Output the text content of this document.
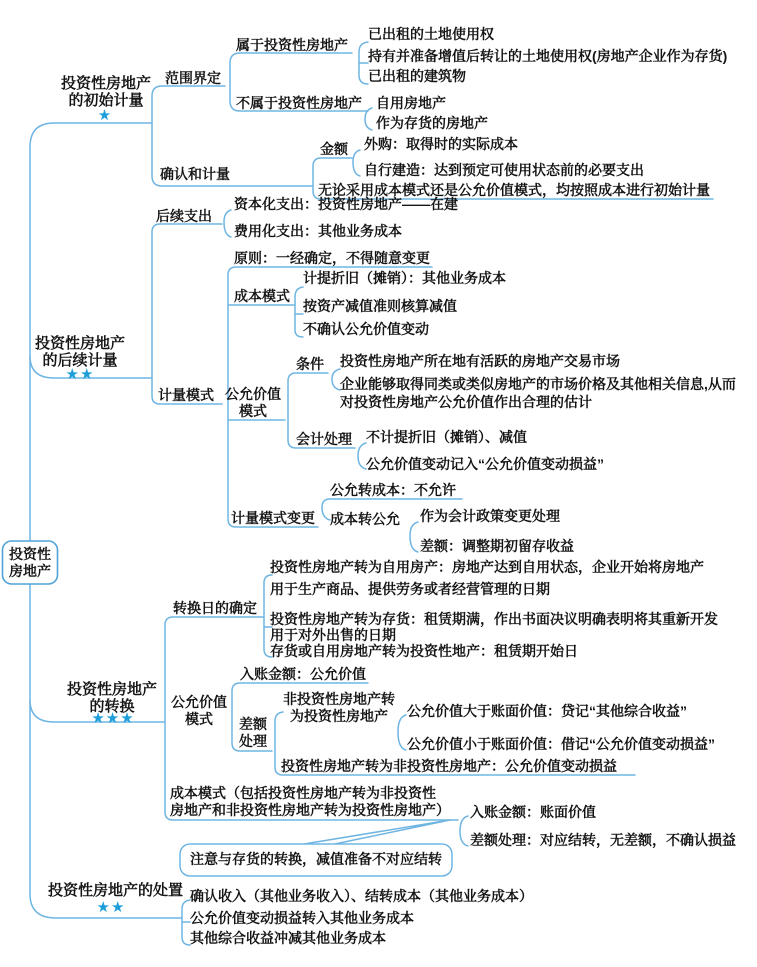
投资性
房地产
投资性房地产
的初始计量
★
范围界定
属于投资性房地产
已出租的土地使用权
持有并准备增值后转让的土地使用权(房地产企业作为存货)
已出租的建筑物
不属于投资性房地产 自用房地产
作为存货的房地产
确认和计量
金额 外购：取得时的实际成本
自行建造：达到预定可使用状态前的必要支出
无论采用成本模式还是公允价值模式，均按照成本进行初始计量
投资性房地产
的后续计量
★★
后续支出
资本化支出：投资性房地产——在建
费用化支出：其他业务成本
计量模式
原则：一经确定，不得随意变更
成本模式
计提折旧（摊销）：其他业务成本
按资产减值准则核算减值
不确认公允价值变动
公允价值
模式
条件 投资性房地产所在地有活跃的房地产交易市场
企业能够取得同类或类似房地产的市场价格及其他相关信息,从而
对投资性房地产公允价值作出合理的估计
会计处理 不计提折旧（摊销）、减值
公允价值变动记入“公允价值变动损益”
计量模式变更
公允转成本：不允许
成本转公允 作为会计政策变更处理
差额：调整期初留存收益
投资性房地产
的转换
★★★
转换日的确定
投资性房地产转为自用房产：房地产达到自用状态，企业开始将房地产
用于生产商品、提供劳务或者经营管理的日期
投资性房地产转为存货：租赁期满，作出书面决议明确表明将其重新开发
用于对外出售的日期
存货或自用房地产转为投资性地产：租赁期开始日
公允价值
模式
入账金额：公允价值
差额
处理
非投资性房地产转
为投资性房地产 公允价值大于账面价值：贷记“其他综合收益”
公允价值小于账面价值：借记“公允价值变动损益”
投资性房地产转为非投资性房地产：公允价值变动损益
成本模式（包括投资性房地产转为非投资性
房地产和非投资性房地产转为投资性房地产） 入账金额：账面价值
差额处理：对应结转，无差额，不确认损益
注意与存货的转换，减值准备不对应结转
投资性房地产的处置
★★
确认收入（其他业务收入）、结转成本（其他业务成本）
公允价值变动损益转入其他业务成本
其他综合收益冲减其他业务成本
